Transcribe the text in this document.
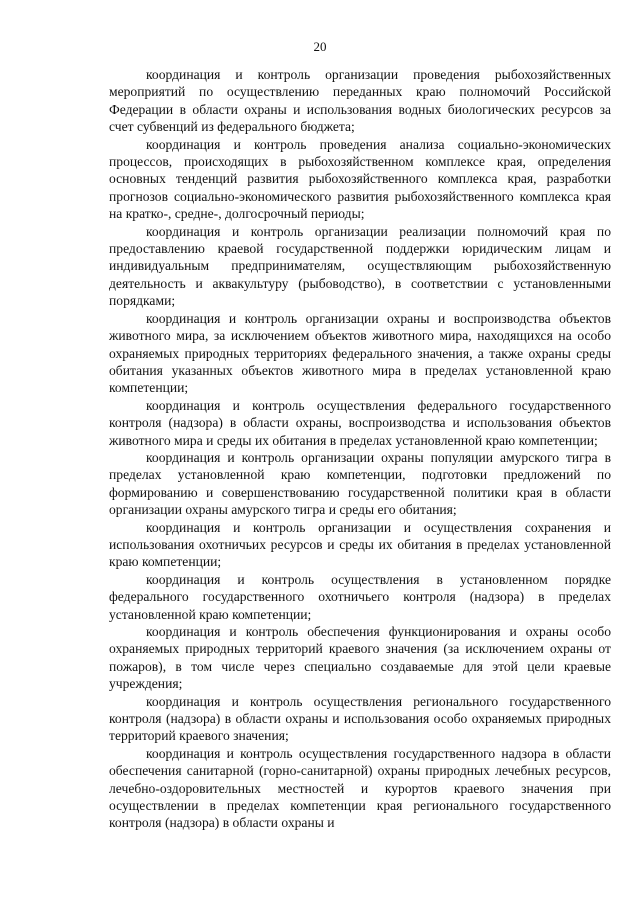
20

координация и контроль организации проведения рыбохозяйственных мероприятий по осуществлению переданных краю полномочий Российской Федерации в области охраны и использования водных биологических ресурсов за счет субвенций из федерального бюджета;

координация и контроль проведения анализа социально-экономических процессов, происходящих в рыбохозяйственном комплексе края, определения основных тенденций развития рыбохозяйственного комплекса края, разработки прогнозов социально-экономического развития рыбохозяйственного комплекса края на кратко-, средне-, долгосрочный периоды;

координация и контроль организации реализации полномочий края по предоставлению краевой государственной поддержки юридическим лицам и индивидуальным предпринимателям, осуществляющим рыбохозяйственную деятельность и аквакультуру (рыбоводство), в соответствии с установленными порядками;

координация и контроль организации охраны и воспроизводства объектов животного мира, за исключением объектов животного мира, находящихся на особо охраняемых природных территориях федерального значения, а также охраны среды обитания указанных объектов животного мира в пределах установленной краю компетенции;

координация и контроль осуществления федерального государственного контроля (надзора) в области охраны, воспроизводства и использования объектов животного мира и среды их обитания в пределах установленной краю компетенции;

координация и контроль организации охраны популяции амурского тигра в пределах установленной краю компетенции, подготовки предложений по формированию и совершенствованию государственной политики края в области организации охраны амурского тигра и среды его обитания;

координация и контроль организации и осуществления сохранения и использования охотничьих ресурсов и среды их обитания в пределах установленной краю компетенции;

координация и контроль осуществления в установленном порядке федерального государственного охотничьего контроля (надзора) в пределах установленной краю компетенции;

координация и контроль обеспечения функционирования и охраны особо охраняемых природных территорий краевого значения (за исключением охраны от пожаров), в том числе через специально создаваемые для этой цели краевые учреждения;

координация и контроль осуществления регионального государственного контроля (надзора) в области охраны и использования особо охраняемых природных территорий краевого значения;

координация и контроль осуществления государственного надзора в области обеспечения санитарной (горно-санитарной) охраны природных лечебных ресурсов, лечебно-оздоровительных местностей и курортов краевого значения при осуществлении в пределах компетенции края регионального государственного контроля (надзора) в области охраны и
